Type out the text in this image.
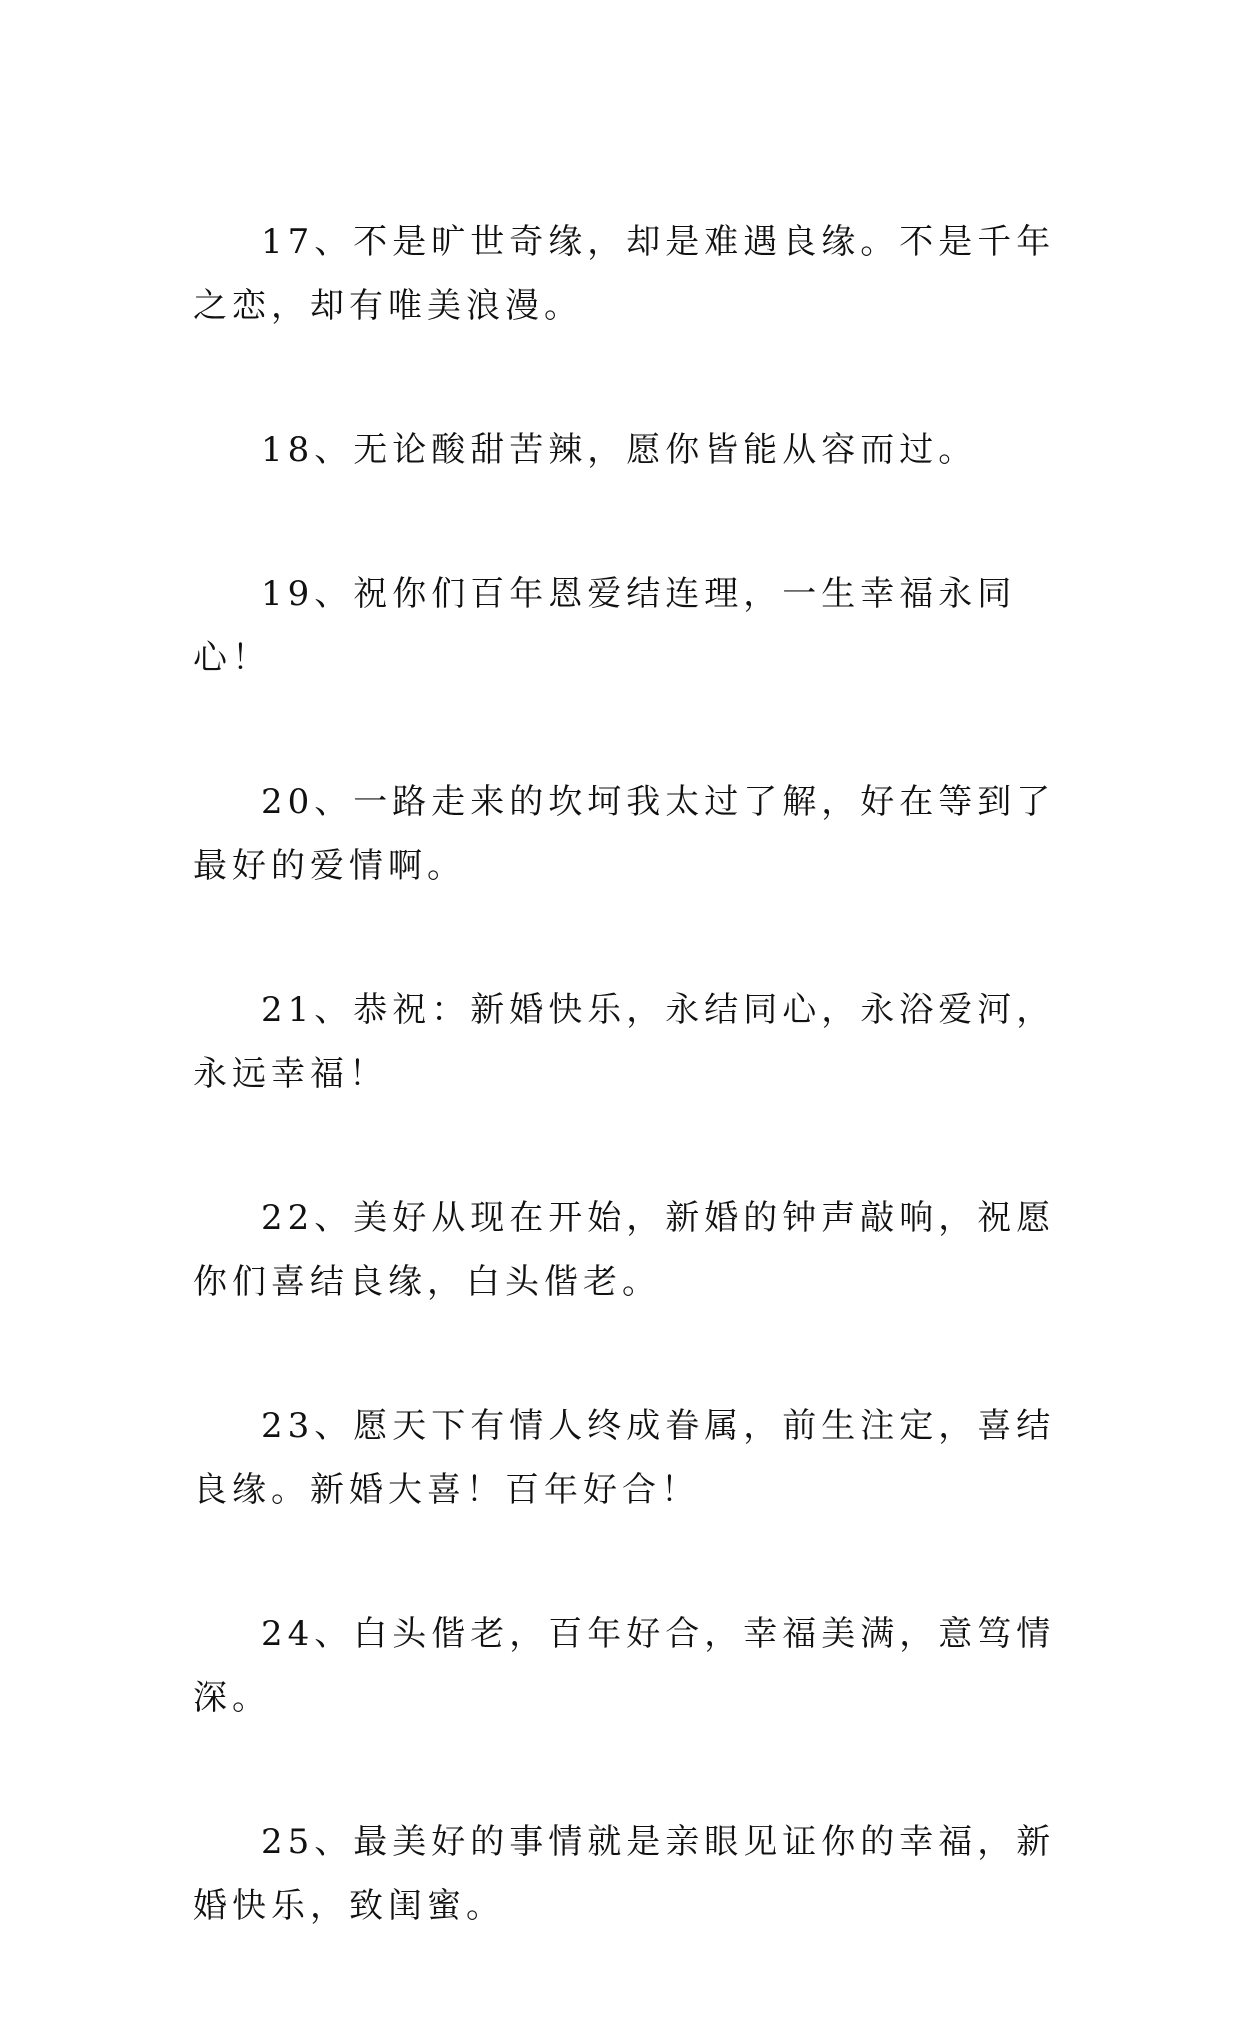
17、不是旷世奇缘，却是难遇良缘。不是千年之恋，却有唯美浪漫。

18、无论酸甜苦辣，愿你皆能从容而过。

19、祝你们百年恩爱结连理，一生幸福永同心！

20、一路走来的坎坷我太过了解，好在等到了最好的爱情啊。

21、恭祝：新婚快乐，永结同心，永浴爱河，永远幸福！

22、美好从现在开始，新婚的钟声敲响，祝愿你们喜结良缘，白头偕老。

23、愿天下有情人终成眷属，前生注定，喜结良缘。新婚大喜！百年好合！

24、白头偕老，百年好合，幸福美满，意笃情深。

25、最美好的事情就是亲眼见证你的幸福，新婚快乐，致闺蜜。
